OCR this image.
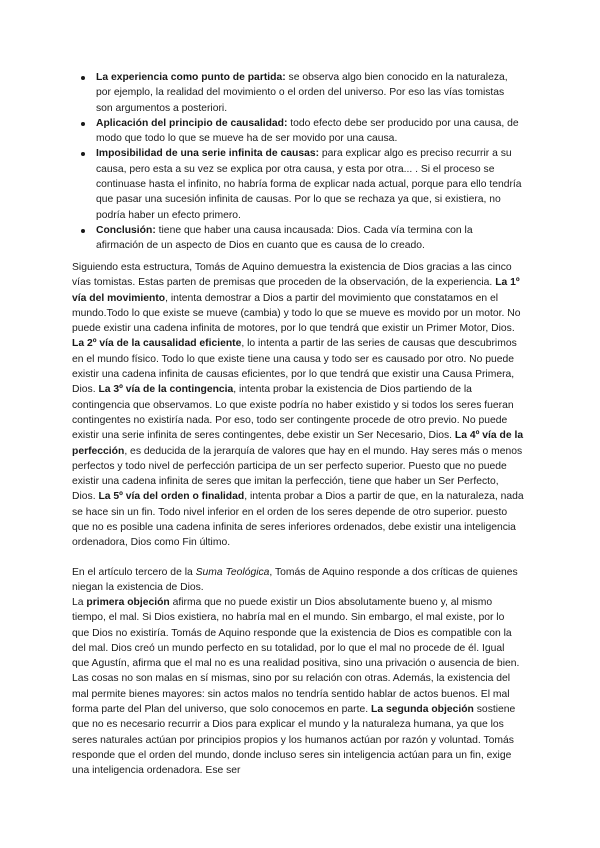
La experiencia como punto de partida: se observa algo bien conocido en la naturaleza, por ejemplo, la realidad del movimiento o el orden del universo. Por eso las vías tomistas son argumentos a posteriori.
Aplicación del principio de causalidad: todo efecto debe ser producido por una causa, de modo que todo lo que se mueve ha de ser movido por una causa.
Imposibilidad de una serie infinita de causas: para explicar algo es preciso recurrir a su causa, pero esta a su vez se explica por otra causa, y esta por otra... . Si el proceso se continuase hasta el infinito, no habría forma de explicar nada actual, porque para ello tendría que pasar una sucesión infinita de causas. Por lo que se rechaza ya que, si existiera, no podría haber un efecto primero.
Conclusión: tiene que haber una causa incausada: Dios. Cada vía termina con la afirmación de un aspecto de Dios en cuanto que es causa de lo creado.

Siguiendo esta estructura, Tomás de Aquino demuestra la existencia de Dios gracias a las cinco vías tomistas. Estas parten de premisas que proceden de la observación, de la experiencia. La 1º vía del movimiento, intenta demostrar a Dios a partir del movimiento que constatamos en el mundo.Todo lo que existe se mueve (cambia) y todo lo que se mueve es movido por un motor. No puede existir una cadena infinita de motores, por lo que tendrá que existir un Primer Motor, Dios. La 2º vía de la causalidad eficiente, lo intenta a partir de las series de causas que descubrimos en el mundo físico. Todo lo que existe tiene una causa y todo ser es causado por otro. No puede existir una cadena infinita de causas eficientes, por lo que tendrá que existir una Causa Primera, Dios. La 3º vía de la contingencia, intenta probar la existencia de Dios partiendo de la contingencia que observamos. Lo que existe podría no haber existido y si todos los seres fueran contingentes no existiría nada. Por eso, todo ser contingente procede de otro previo. No puede existir una serie infinita de seres contingentes, debe existir un Ser Necesario, Dios. La 4º vía de la perfección, es deducida de la jerarquía de valores que hay en el mundo. Hay seres más o menos perfectos y todo nivel de perfección participa de un ser perfecto superior. Puesto que no puede existir una cadena infinita de seres que imitan la perfección, tiene que haber un Ser Perfecto, Dios. La 5º vía del orden o finalidad, intenta probar a Dios a partir de que, en la naturaleza, nada se hace sin un fin. Todo nivel inferior en el orden de los seres depende de otro superior. puesto que no es posible una cadena infinita de seres inferiores ordenados, debe existir una inteligencia ordenadora, Dios como Fin último.

En el artículo tercero de la Suma Teológica, Tomás de Aquino responde a dos críticas de quienes niegan la existencia de Dios.

La primera objeción afirma que no puede existir un Dios absolutamente bueno y, al mismo tiempo, el mal. Si Dios existiera, no habría mal en el mundo. Sin embargo, el mal existe, por lo que Dios no existiría. Tomás de Aquino responde que la existencia de Dios es compatible con la del mal. Dios creó un mundo perfecto en su totalidad, por lo que el mal no procede de él. Igual que Agustín, afirma que el mal no es una realidad positiva, sino una privación o ausencia de bien. Las cosas no son malas en sí mismas, sino por su relación con otras. Además, la existencia del mal permite bienes mayores: sin actos malos no tendría sentido hablar de actos buenos. El mal forma parte del Plan del universo, que solo conocemos en parte. La segunda objeción sostiene que no es necesario recurrir a Dios para explicar el mundo y la naturaleza humana, ya que los seres naturales actúan por principios propios y los humanos actúan por razón y voluntad. Tomás responde que el orden del mundo, donde incluso seres sin inteligencia actúan para un fin, exige una inteligencia ordenadora. Ese ser
